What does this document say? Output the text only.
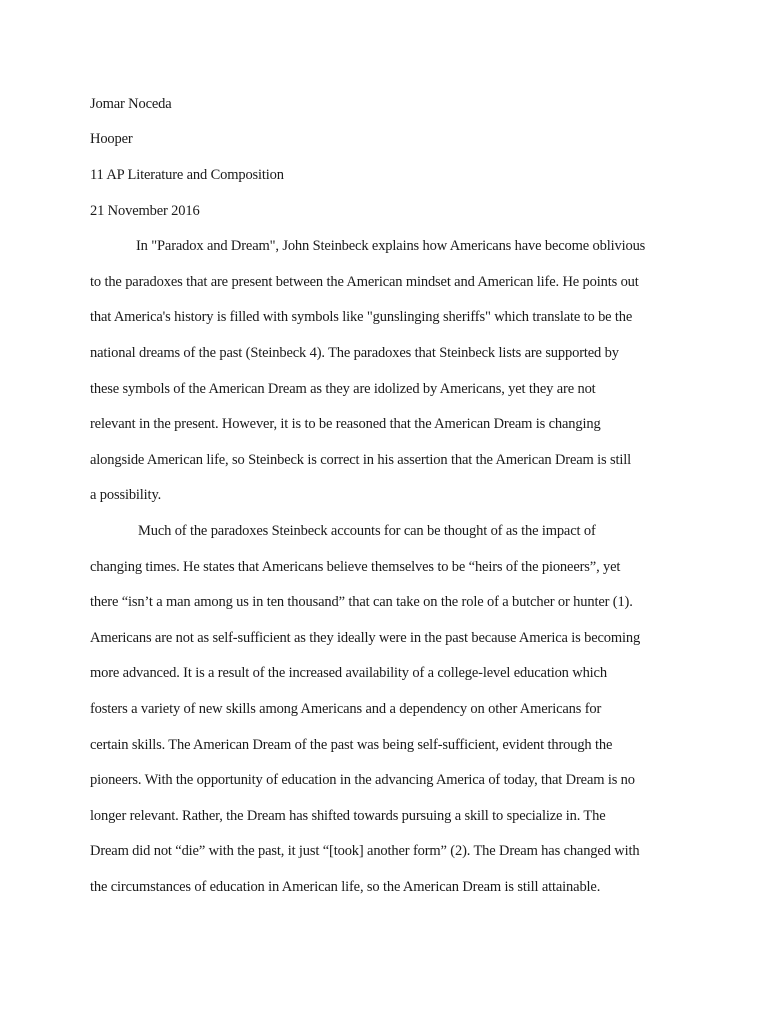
Jomar Noceda
Hooper
11 AP Literature and Composition
21 November 2016
In "Paradox and Dream", John Steinbeck explains how Americans have become oblivious
to the paradoxes that are present between the American mindset and American life. He points out
that America's history is filled with symbols like "gunslinging sheriffs" which translate to be the
national dreams of the past (Steinbeck 4). The paradoxes that Steinbeck lists are supported by
these symbols of the American Dream as they are idolized by Americans, yet they are not
relevant in the present. However, it is to be reasoned that the American Dream is changing
alongside American life, so Steinbeck is correct in his assertion that the American Dream is still
a possibility.
Much of the paradoxes Steinbeck accounts for can be thought of as the impact of
changing times. He states that Americans believe themselves to be “heirs of the pioneers”, yet
there “isn’t a man among us in ten thousand” that can take on the role of a butcher or hunter (1).
Americans are not as self-sufficient as they ideally were in the past because America is becoming
more advanced. It is a result of the increased availability of a college-level education which
fosters a variety of new skills among Americans and a dependency on other Americans for
certain skills. The American Dream of the past was being self-sufficient, evident through the
pioneers. With the opportunity of education in the advancing America of today, that Dream is no
longer relevant. Rather, the Dream has shifted towards pursuing a skill to specialize in. The
Dream did not “die” with the past, it just “[took] another form” (2). The Dream has changed with
the circumstances of education in American life, so the American Dream is still attainable.
